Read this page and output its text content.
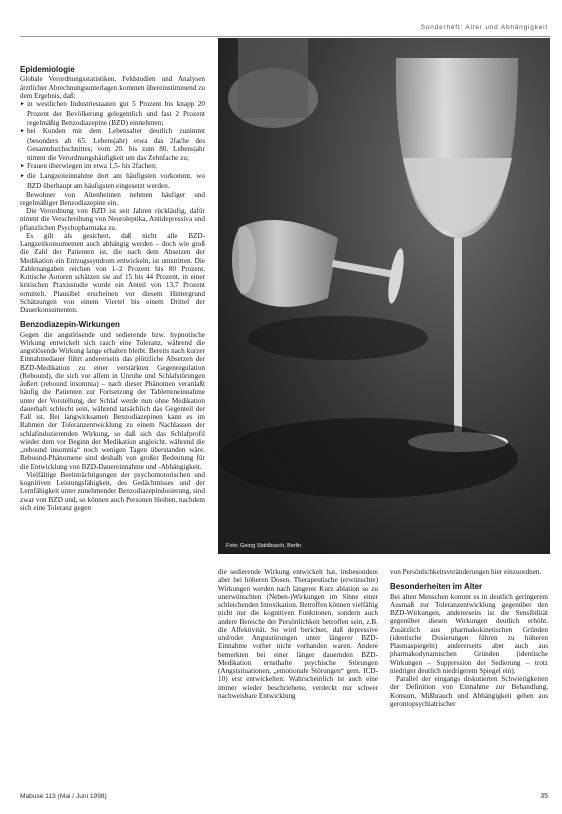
Sonderheft: Alter und Abhängigkeit
Epidemiologie

Globale Verordnungsstatistiken, Feldstudien und Analysen ärztlicher Abrechnungsunterlagen kommen übereinstimmend zu dem Ergebnis, daß:

► in westlichen Industriestaaten gut 5 Prozent bis knapp 20 Prozent der Bevölkerung gelegentlich und fast 2 Prozent regelmäßig Benzodiazepine (BZD) einnehmen;
► bei Kunden mit dem Lebensalter deutlich zunimmt (besonders ab 65. Lebensjahr) etwa das 2fache des Gesamtdurchschnittes; vom 20. bis zum 80. Lebensjahr nimmt die Verordnungshäufigkeit um das Zehnfache zu;
► Frauen überwiegen im etwa 1,5- bis 2fachen;
► die Langzeiteinnahme dort am häufigsten vorkommt, wo BZD überhaupt am häufigsten eingesetzt werden.

Bewohner von Altenheimen nehmen häufiger und regelmäßiger Benzodiazepine ein.

Die Verordnung von BZD ist seit Jahren rückläufig, dafür nimmt die Verschreibung von Neuroleptika, Antidepressiva und pflanzlichen Psychopharmaka zu.

Es gilt als gesichert, daß nicht alle BZD-Langzeitkonsumenten auch abhängig werden – doch wie groß die Zahl der Patienten ist, die nach dem Absetzen der Medikation ein Entzugssyndrom entwickeln, ist umstritten. Die Zahlenangaben reichen von 1–2 Prozent bis 80 Prozent. Kritische Autoren schätzen sie auf 15 bis 44 Prozent, in einer kritischen Praxisstudie wurde ein Anteil von 13,7 Prozent ermittelt. Plausibel erscheinen vor diesem Hintergrund Schätzungen von einem Viertel bis einem Drittel der Dauerkonsumenten.

Benzodiazepin-Wirkungen

Gegen die angstlösende und sedierende bzw. hypnotische Wirkung entwickelt sich rasch eine Toleranz, während die angstlösende Wirkung lange erhalten bleibt. Bereits nach kurzer Einnahmedauer führt andererseits das plötzliche Absetzen der BZD-Medikation zu einer verstärkten Gegenregulation (Rebound), die sich vor allem in Unruhe und Schlafstörungen äußert (rebound insomnia) – nach dieser Phänomen veranlaßt häufig die Patienten zur Fortsetzung der Tabletteneinnahme unter der Vorstellung, der Schlaf werde nun ohne Medikation dauerhaft schlecht sein, während tatsächlich das Gegenteil der Fall ist. Bei langwirksamen Benzodiazepinen kann es im Rahmen der Toleranzentwicklung zu einem Nachlassen der schlafinduzierenden Wirkung, so daß sich das Schlafprofil wieder dem vor Beginn der Medikation angleicht, während die „rebound insomnia“ noch wenigen Tagen überstanden wäre. Rebound-Phänomene sind deshalb von großer Bedeutung für die Entwicklung von BZD-Dauereinnahme und -Abhängigkeit.

Vielfältige Beeinträchtigungen der psychomotorischen und kognitiven Leistungsfähigkeit, des Gedächtnisses und der Lernfähigkeit unter zunehmender Benzodiazepindosierung, sind zwar von BZD und, so können auch Personen bleiben, nachdem sich eine Toleranz gegen

Foto: Georg Stahlbusch, Berlin

die sedierende Wirkung entwickelt hat, insbesondere aber bei höheren Dosen. Therapeutische (erwünschte) Wirkungen werden nach längerer Kurz ablation so zu unerwünschten (Neben-)Wirkungen im Sinne einer schleichenden Intoxikation. Betroffen können vielfältig nicht nur die kognitiven Funktionen, sondern auch andere Bereiche der Persönlichkeit betroffen sein, z.B. die Affektivität. So wird berichtet, daß depressive und/oder Angststörungen unter längerer BZD-Einnahme vorher nicht vorhanden waren. Andere bemerkten bei einer länger dauernden BZD-Medikation ernsthafte psychische Störungen (Angstsituationen, „emotionale Störungen“ gem. ICD-10) erst entwickelten. Wahrscheinlich ist auch eine immer wieder beschriebene, verdeckt nur schwer nachweisbare Entwicklung

von Persönlichkeitsveränderungen hier einzuordnen.

Besonderheiten im Alter

Bei alten Menschen kommt es in deutlich geringerem Ausmaß zur Toleranzentwicklung gegenüber den BZD-Wirkungen, andererseits ist die Sensibilität gegenüber diesen Wirkungen deutlich erhöht. Zusätzlich aus pharmakokinetischen Gründen (identische Dosierungen führen zu höheren Plasmaspiegeln) andererseits aber auch aus pharmakodynamischen Gründen (identische Wirkungen – Suppression der Sedierung – trotz niedriger deutlich niedrigerem Spiegel ein).

Parallel der eingangs diskutierten Schwierigkeiten der Definition von Einnahme zur Behandlung, Konsum, Mißbrauch und Abhängigkeit gehen aus gerontopsychiatrischer

Mabuse 113 (Mai / Juni 1998)	35
